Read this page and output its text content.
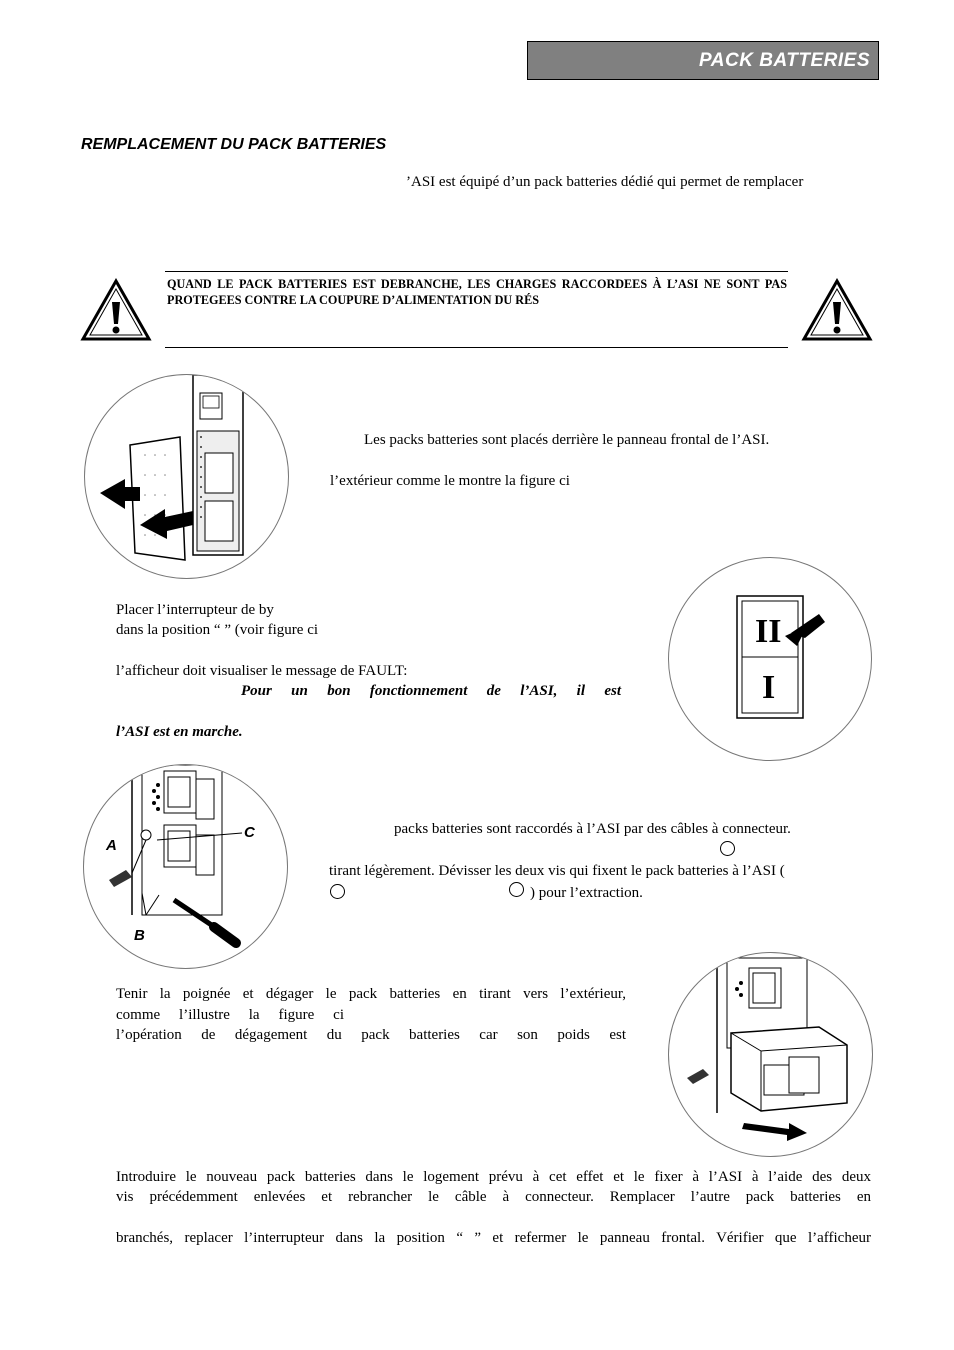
PACK BATTERIES
REMPLACEMENT DU PACK BATTERIES
’ASI est équipé d’un pack batteries dédié qui permet de remplacer
QUAND LE PACK BATTERIES EST DEBRANCHE, LES CHARGES RACCORDEES À L’ASI NE SONT PAS PROTEGEES CONTRE LA COUPURE D’ALIMENTATION DU RÉS
Les packs batteries sont placés derrière le panneau frontal de l’ASI.
l’extérieur comme le montre la figure ci
II
I
Placer l’interrupteur de by
dans la position “ ” (voir figure ci
l’afficheur doit visualiser le message de FAULT:
Pour un bon fonctionnement de l’ASI, il est
l’ASI est en marche.
A
B
C	packs batteries sont raccordés à l’ASI par des câbles à connecteur.
tirant légèrement. Dévisser les deux vis qui fixent le pack batteries à l’ASI (
) pour l’extraction.
Tenir la poignée et dégager le pack batteries en tirant vers l’extérieur,
comme l’illustre la figure ci
l’opération de dégagement du pack batteries car son poids est
Introduire le nouveau pack batteries dans le logement prévu à cet effet et le fixer à l’ASI à l’aide des deux
vis précédemment enlevées et rebrancher le câble à connecteur. Remplacer l’autre pack batteries en
branchés, replacer l’interrupteur dans la position “ ” et refermer le panneau frontal. Vérifier que l’afficheur
